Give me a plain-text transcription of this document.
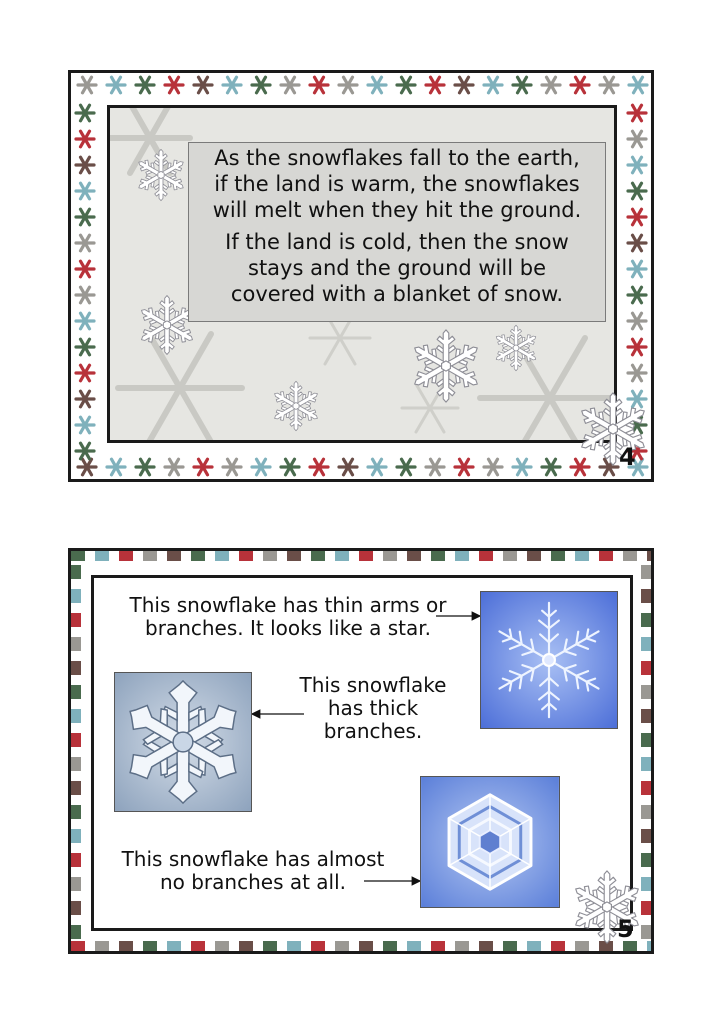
As the snowflakes fall to the earth,
if the land is warm, the snowflakes
will melt when they hit the ground.

If the land is cold, then the snow
stays and the ground will be
covered with a blanket of snow.

4
This snowflake has thin arms or
branches. It looks like a star.
This snowflake
has thick
branches.
This snowflake has almost
no branches at all.
5
